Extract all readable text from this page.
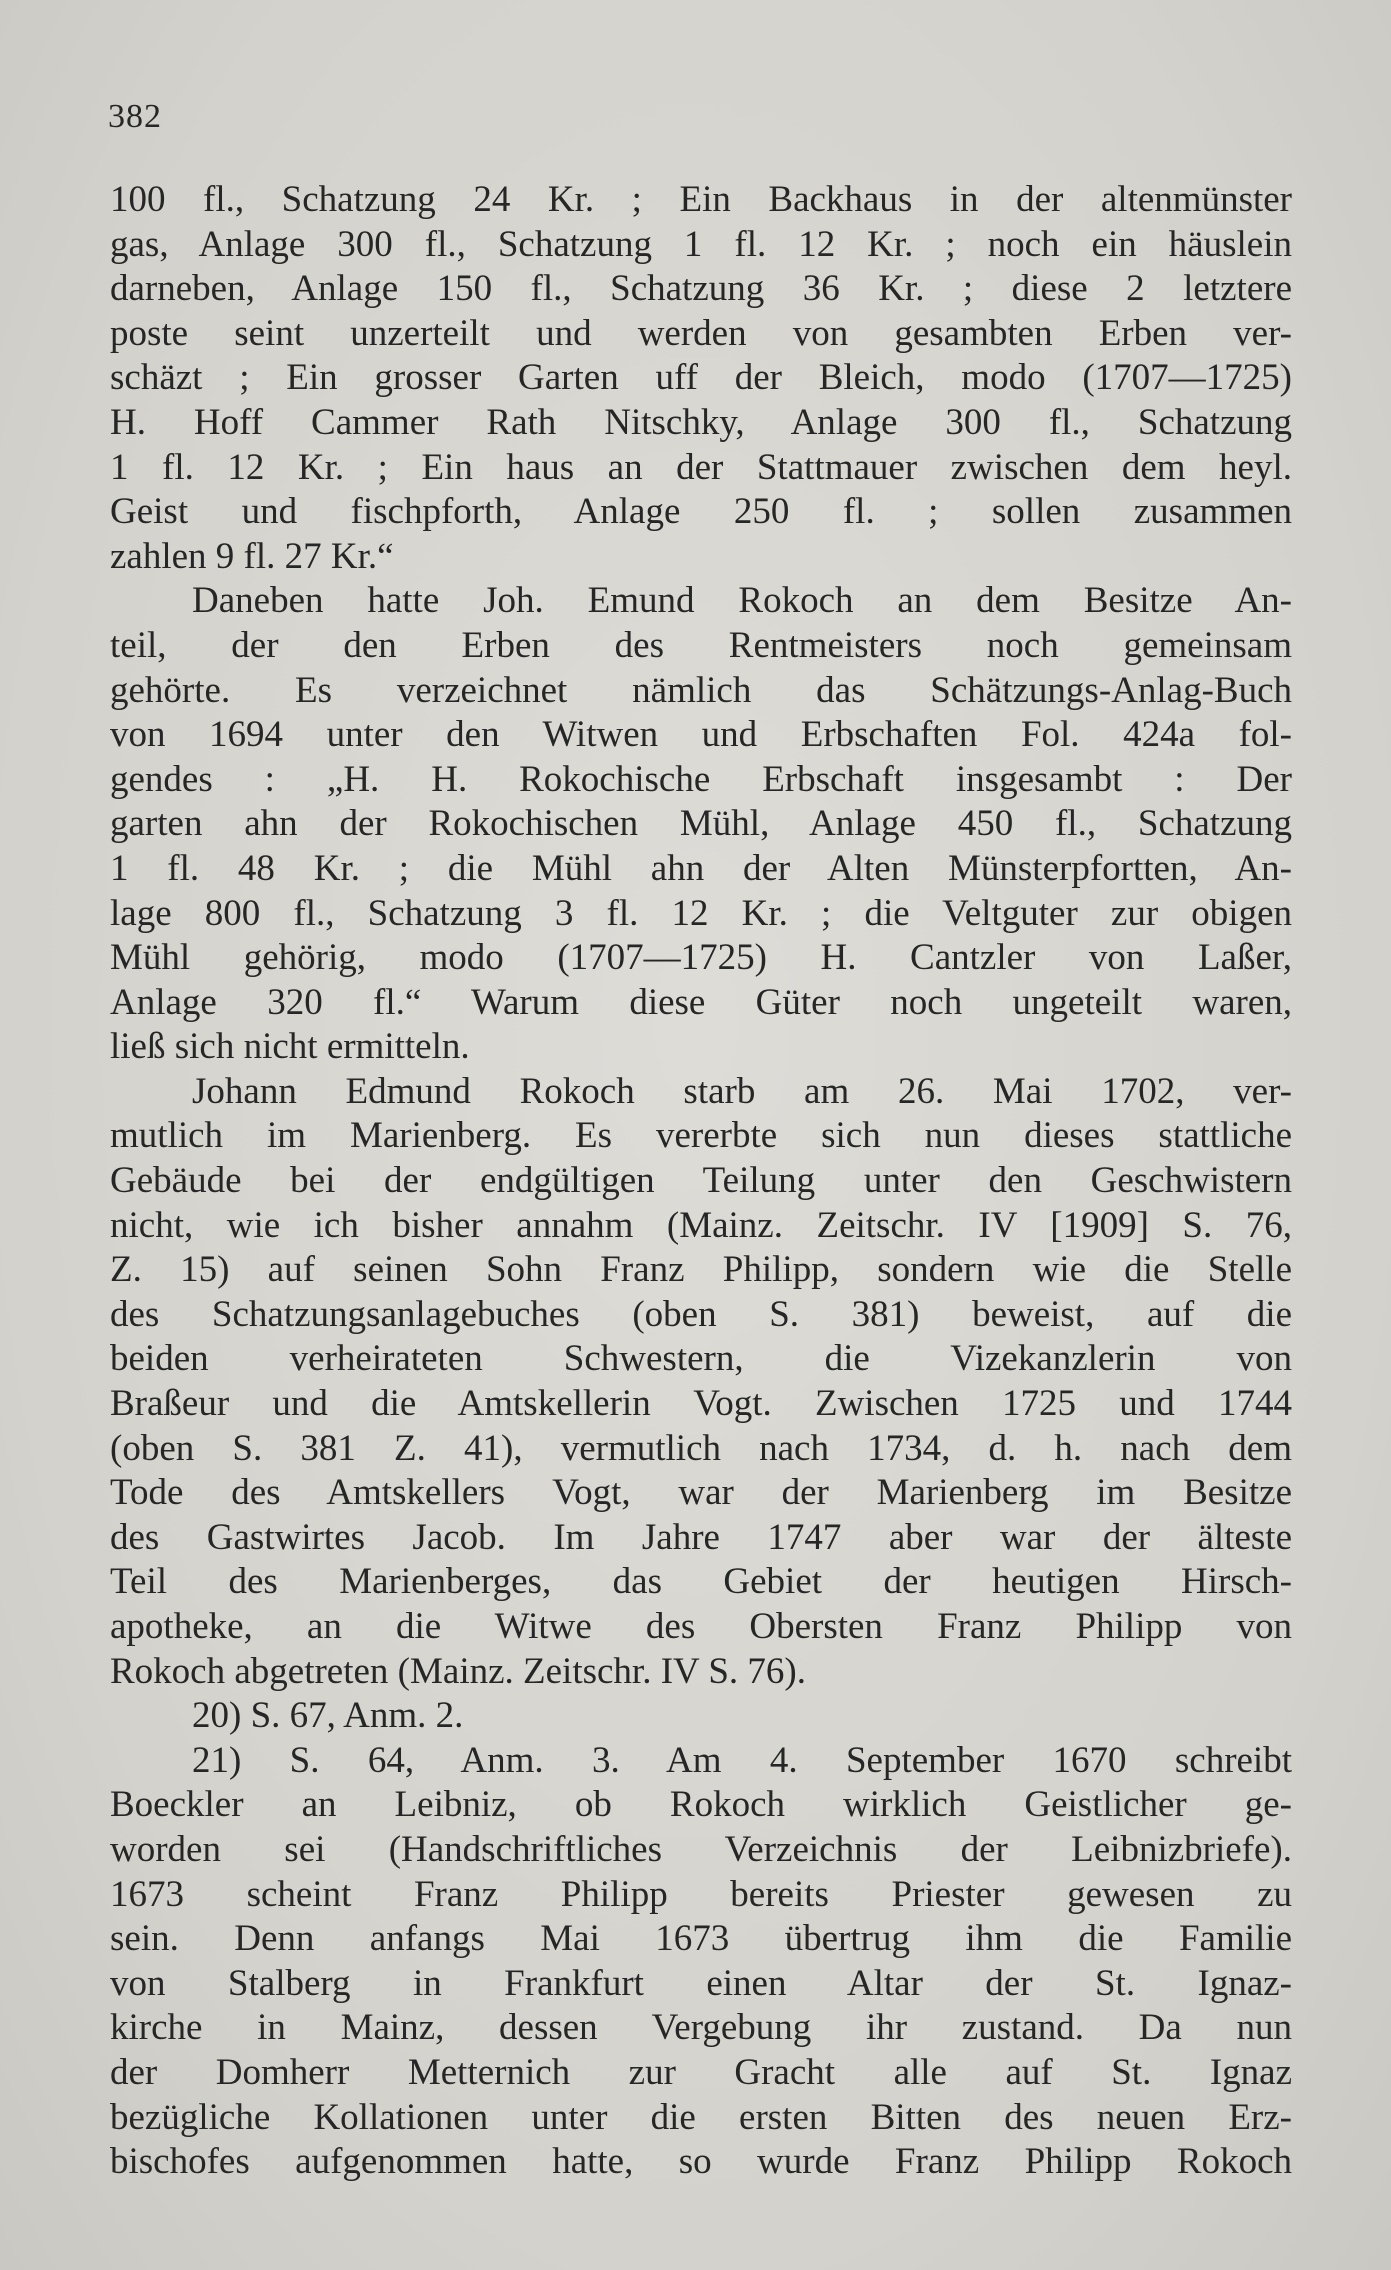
382
100 fl., Schatzung 24 Kr. ; Ein Backhaus in der altenmünster
gas, Anlage 300 fl., Schatzung 1 fl. 12 Kr. ; noch ein häuslein
darneben, Anlage 150 fl., Schatzung 36 Kr. ; diese 2 letztere
poste seint unzerteilt und werden von gesambten Erben ver-
schäzt ; Ein grosser Garten uff der Bleich, modo (1707—1725)
H. Hoff Cammer Rath Nitschky, Anlage 300 fl., Schatzung
1 fl. 12 Kr. ; Ein haus an der Stattmauer zwischen dem heyl.
Geist und fischpforth, Anlage 250 fl. ; sollen zusammen
zahlen 9 fl. 27 Kr.“
Daneben hatte Joh. Emund Rokoch an dem Besitze An-
teil, der den Erben des Rentmeisters noch gemeinsam
gehörte. Es verzeichnet nämlich das Schätzungs-Anlag-Buch
von 1694 unter den Witwen und Erbschaften Fol. 424a fol-
gendes : „H. H. Rokochische Erbschaft insgesambt : Der
garten ahn der Rokochischen Mühl, Anlage 450 fl., Schatzung
1 fl. 48 Kr. ; die Mühl ahn der Alten Münsterpfortten, An-
lage 800 fl., Schatzung 3 fl. 12 Kr. ; die Veltguter zur obigen
Mühl gehörig, modo (1707—1725) H. Cantzler von Laßer,
Anlage 320 fl.“ Warum diese Güter noch ungeteilt waren,
ließ sich nicht ermitteln.
Johann Edmund Rokoch starb am 26. Mai 1702, ver-
mutlich im Marienberg. Es vererbte sich nun dieses stattliche
Gebäude bei der endgültigen Teilung unter den Geschwistern
nicht, wie ich bisher annahm (Mainz. Zeitschr. IV [1909] S. 76,
Z. 15) auf seinen Sohn Franz Philipp, sondern wie die Stelle
des Schatzungsanlagebuches (oben S. 381) beweist, auf die
beiden verheirateten Schwestern, die Vizekanzlerin von
Braßeur und die Amtskellerin Vogt. Zwischen 1725 und 1744
(oben S. 381 Z. 41), vermutlich nach 1734, d. h. nach dem
Tode des Amtskellers Vogt, war der Marienberg im Besitze
des Gastwirtes Jacob. Im Jahre 1747 aber war der älteste
Teil des Marienberges, das Gebiet der heutigen Hirsch-
apotheke, an die Witwe des Obersten Franz Philipp von
Rokoch abgetreten (Mainz. Zeitschr. IV S. 76).
20) S. 67, Anm. 2.
21) S. 64, Anm. 3. Am 4. September 1670 schreibt
Boeckler an Leibniz, ob Rokoch wirklich Geistlicher ge-
worden sei (Handschriftliches Verzeichnis der Leibnizbriefe).
1673 scheint Franz Philipp bereits Priester gewesen zu
sein. Denn anfangs Mai 1673 übertrug ihm die Familie
von Stalberg in Frankfurt einen Altar der St. Ignaz-
kirche in Mainz, dessen Vergebung ihr zustand. Da nun
der Domherr Metternich zur Gracht alle auf St. Ignaz
bezügliche Kollationen unter die ersten Bitten des neuen Erz-
bischofes aufgenommen hatte, so wurde Franz Philipp Rokoch
